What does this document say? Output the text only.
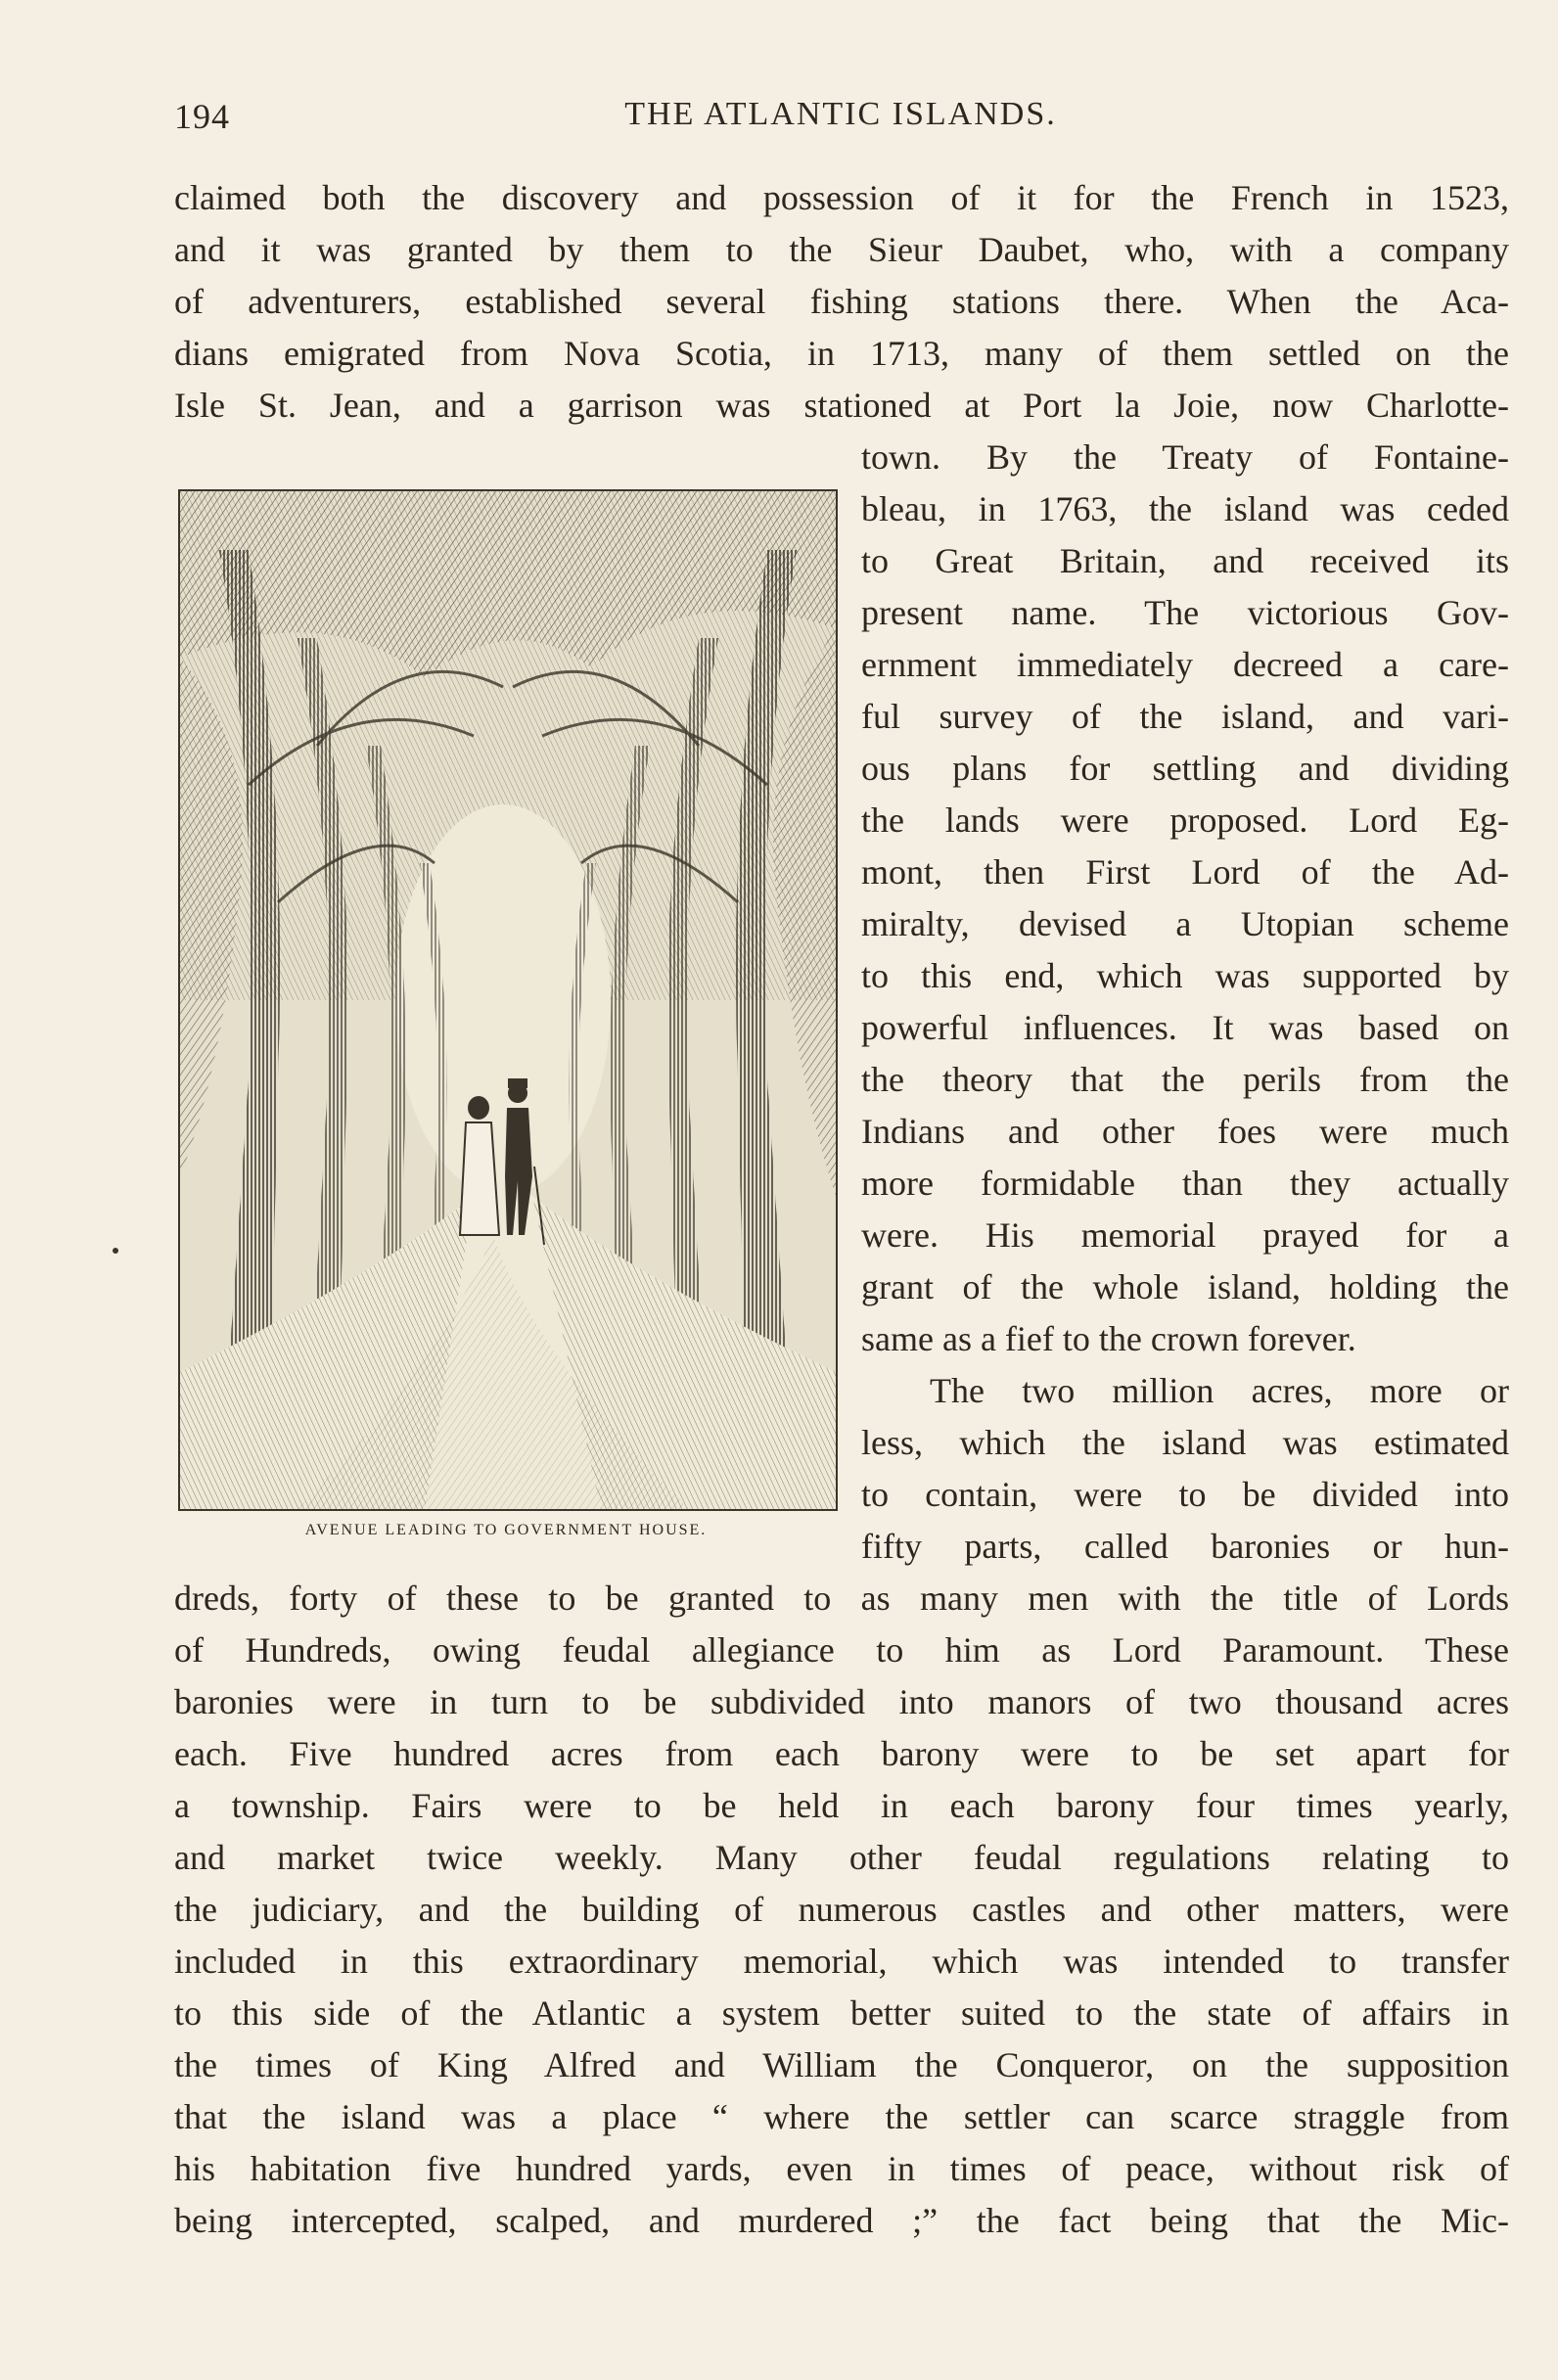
194	THE ATLANTIC ISLANDS.
claimed both the discovery and possession of it for the French in 1523,
and it was granted by them to the Sieur Daubet, who, with a company
of adventurers, established several fishing stations there. When the Aca-
dians emigrated from Nova Scotia, in 1713, many of them settled on the
Isle St. Jean, and a garrison was stationed at Port la Joie, now Charlotte-
town. By the Treaty of Fontaine-
bleau, in 1763, the island was ceded
to Great Britain, and received its
present name. The victorious Gov-
ernment immediately decreed a care-
ful survey of the island, and vari-
ous plans for settling and dividing
the lands were proposed. Lord Eg-
mont, then First Lord of the Ad-
miralty, devised a Utopian scheme
to this end, which was supported by
powerful influences. It was based on
the theory that the perils from the
Indians and other foes were much
more formidable than they actually
were. His memorial prayed for a
grant of the whole island, holding the
same as a fief to the crown forever.
The two million acres, more or
less, which the island was estimated
to contain, were to be divided into
fifty parts, called baronies or hun-
dreds, forty of these to be granted to as many men with the title of Lords
of Hundreds, owing feudal allegiance to him as Lord Paramount. These
baronies were in turn to be subdivided into manors of two thousand acres
each. Five hundred acres from each barony were to be set apart for
a township. Fairs were to be held in each barony four times yearly,
and market twice weekly. Many other feudal regulations relating to
the judiciary, and the building of numerous castles and other matters, were
included in this extraordinary memorial, which was intended to transfer
to this side of the Atlantic a system better suited to the state of affairs in
the times of King Alfred and William the Conqueror, on the supposition
that the island was a place “ where the settler can scarce straggle from
his habitation five hundred yards, even in times of peace, without risk of
being intercepted, scalped, and murdered ;” the fact being that the Mic-
AVENUE LEADING TO GOVERNMENT HOUSE.
